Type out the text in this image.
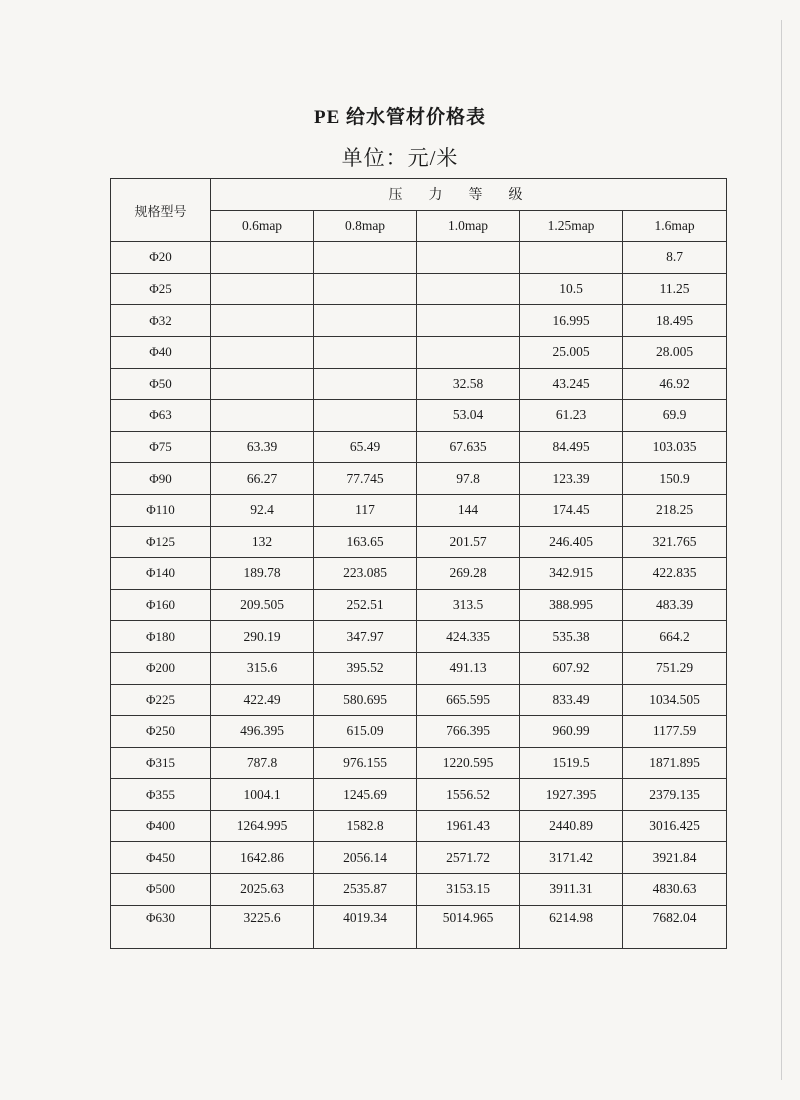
PE 给水管材价格表
单位：元/米
规格型号	压力等级				
	0.6map	0.8map	1.0map	1.25map	1.6map
Φ20					8.7
Φ25				10.5	11.25
Φ32				16.995	18.495
Φ40				25.005	28.005
Φ50			32.58	43.245	46.92
Φ63			53.04	61.23	69.9
Φ75	63.39	65.49	67.635	84.495	103.035
Φ90	66.27	77.745	97.8	123.39	150.9
Φ110	92.4	117	144	174.45	218.25
Φ125	132	163.65	201.57	246.405	321.765
Φ140	189.78	223.085	269.28	342.915	422.835
Φ160	209.505	252.51	313.5	388.995	483.39
Φ180	290.19	347.97	424.335	535.38	664.2
Φ200	315.6	395.52	491.13	607.92	751.29
Φ225	422.49	580.695	665.595	833.49	1034.505
Φ250	496.395	615.09	766.395	960.99	1177.59
Φ315	787.8	976.155	1220.595	1519.5	1871.895
Φ355	1004.1	1245.69	1556.52	1927.395	2379.135
Φ400	1264.995	1582.8	1961.43	2440.89	3016.425
Φ450	1642.86	2056.14	2571.72	3171.42	3921.84
Φ500	2025.63	2535.87	3153.15	3911.31	4830.63
Φ630	3225.6	4019.34	5014.965	6214.98	7682.04
